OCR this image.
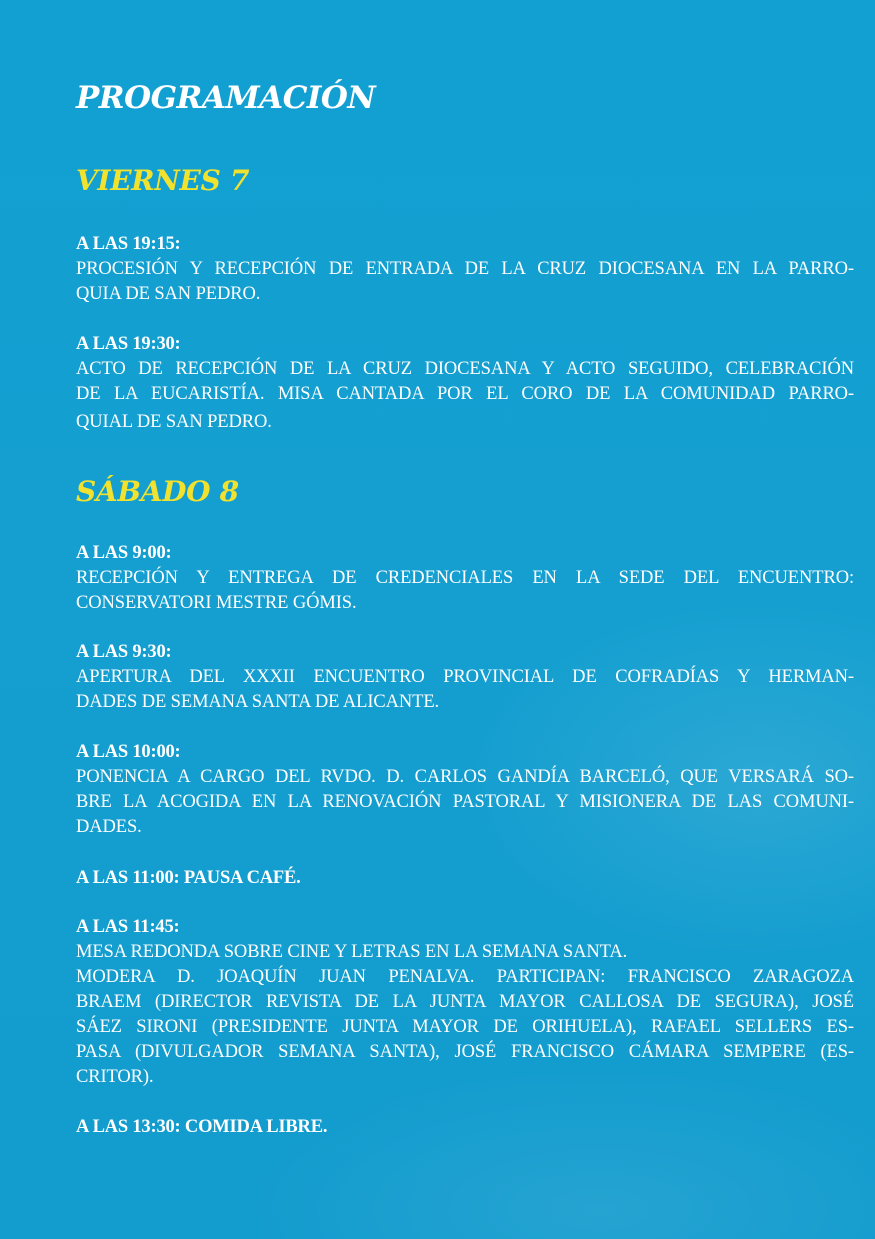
PROGRAMACIÓN
VIERNES 7
A LAS 19:15:
PROCESIÓN Y RECEPCIÓN DE ENTRADA DE LA CRUZ DIOCESANA EN LA PARRO-
QUIA DE SAN PEDRO.
A LAS 19:30:
ACTO DE RECEPCIÓN DE LA CRUZ DIOCESANA Y ACTO SEGUIDO, CELEBRACIÓN
DE LA EUCARISTÍA. MISA CANTADA POR EL CORO DE LA COMUNIDAD PARRO-
QUIAL DE SAN PEDRO.
SÁBADO 8
A LAS 9:00:
RECEPCIÓN Y ENTREGA DE CREDENCIALES EN LA SEDE DEL ENCUENTRO:
CONSERVATORI MESTRE GÓMIS.
A LAS 9:30:
APERTURA DEL XXXII ENCUENTRO PROVINCIAL DE COFRADÍAS Y HERMAN-
DADES DE SEMANA SANTA DE ALICANTE.
A LAS 10:00:
PONENCIA A CARGO DEL RVDO. D. CARLOS GANDÍA BARCELÓ, QUE VERSARÁ SO-
BRE LA ACOGIDA EN LA RENOVACIÓN PASTORAL Y MISIONERA DE LAS COMUNI-
DADES.
A LAS 11:00: PAUSA CAFÉ.
A LAS 11:45:
MESA REDONDA SOBRE CINE Y LETRAS EN LA SEMANA SANTA.
MODERA D. JOAQUÍN JUAN PENALVA. PARTICIPAN: FRANCISCO ZARAGOZA
BRAEM (DIRECTOR REVISTA DE LA JUNTA MAYOR CALLOSA DE SEGURA), JOSÉ
SÁEZ SIRONI (PRESIDENTE JUNTA MAYOR DE ORIHUELA), RAFAEL SELLERS ES-
PASA (DIVULGADOR SEMANA SANTA), JOSÉ FRANCISCO CÁMARA SEMPERE (ES-
CRITOR).
A LAS 13:30: COMIDA LIBRE.
